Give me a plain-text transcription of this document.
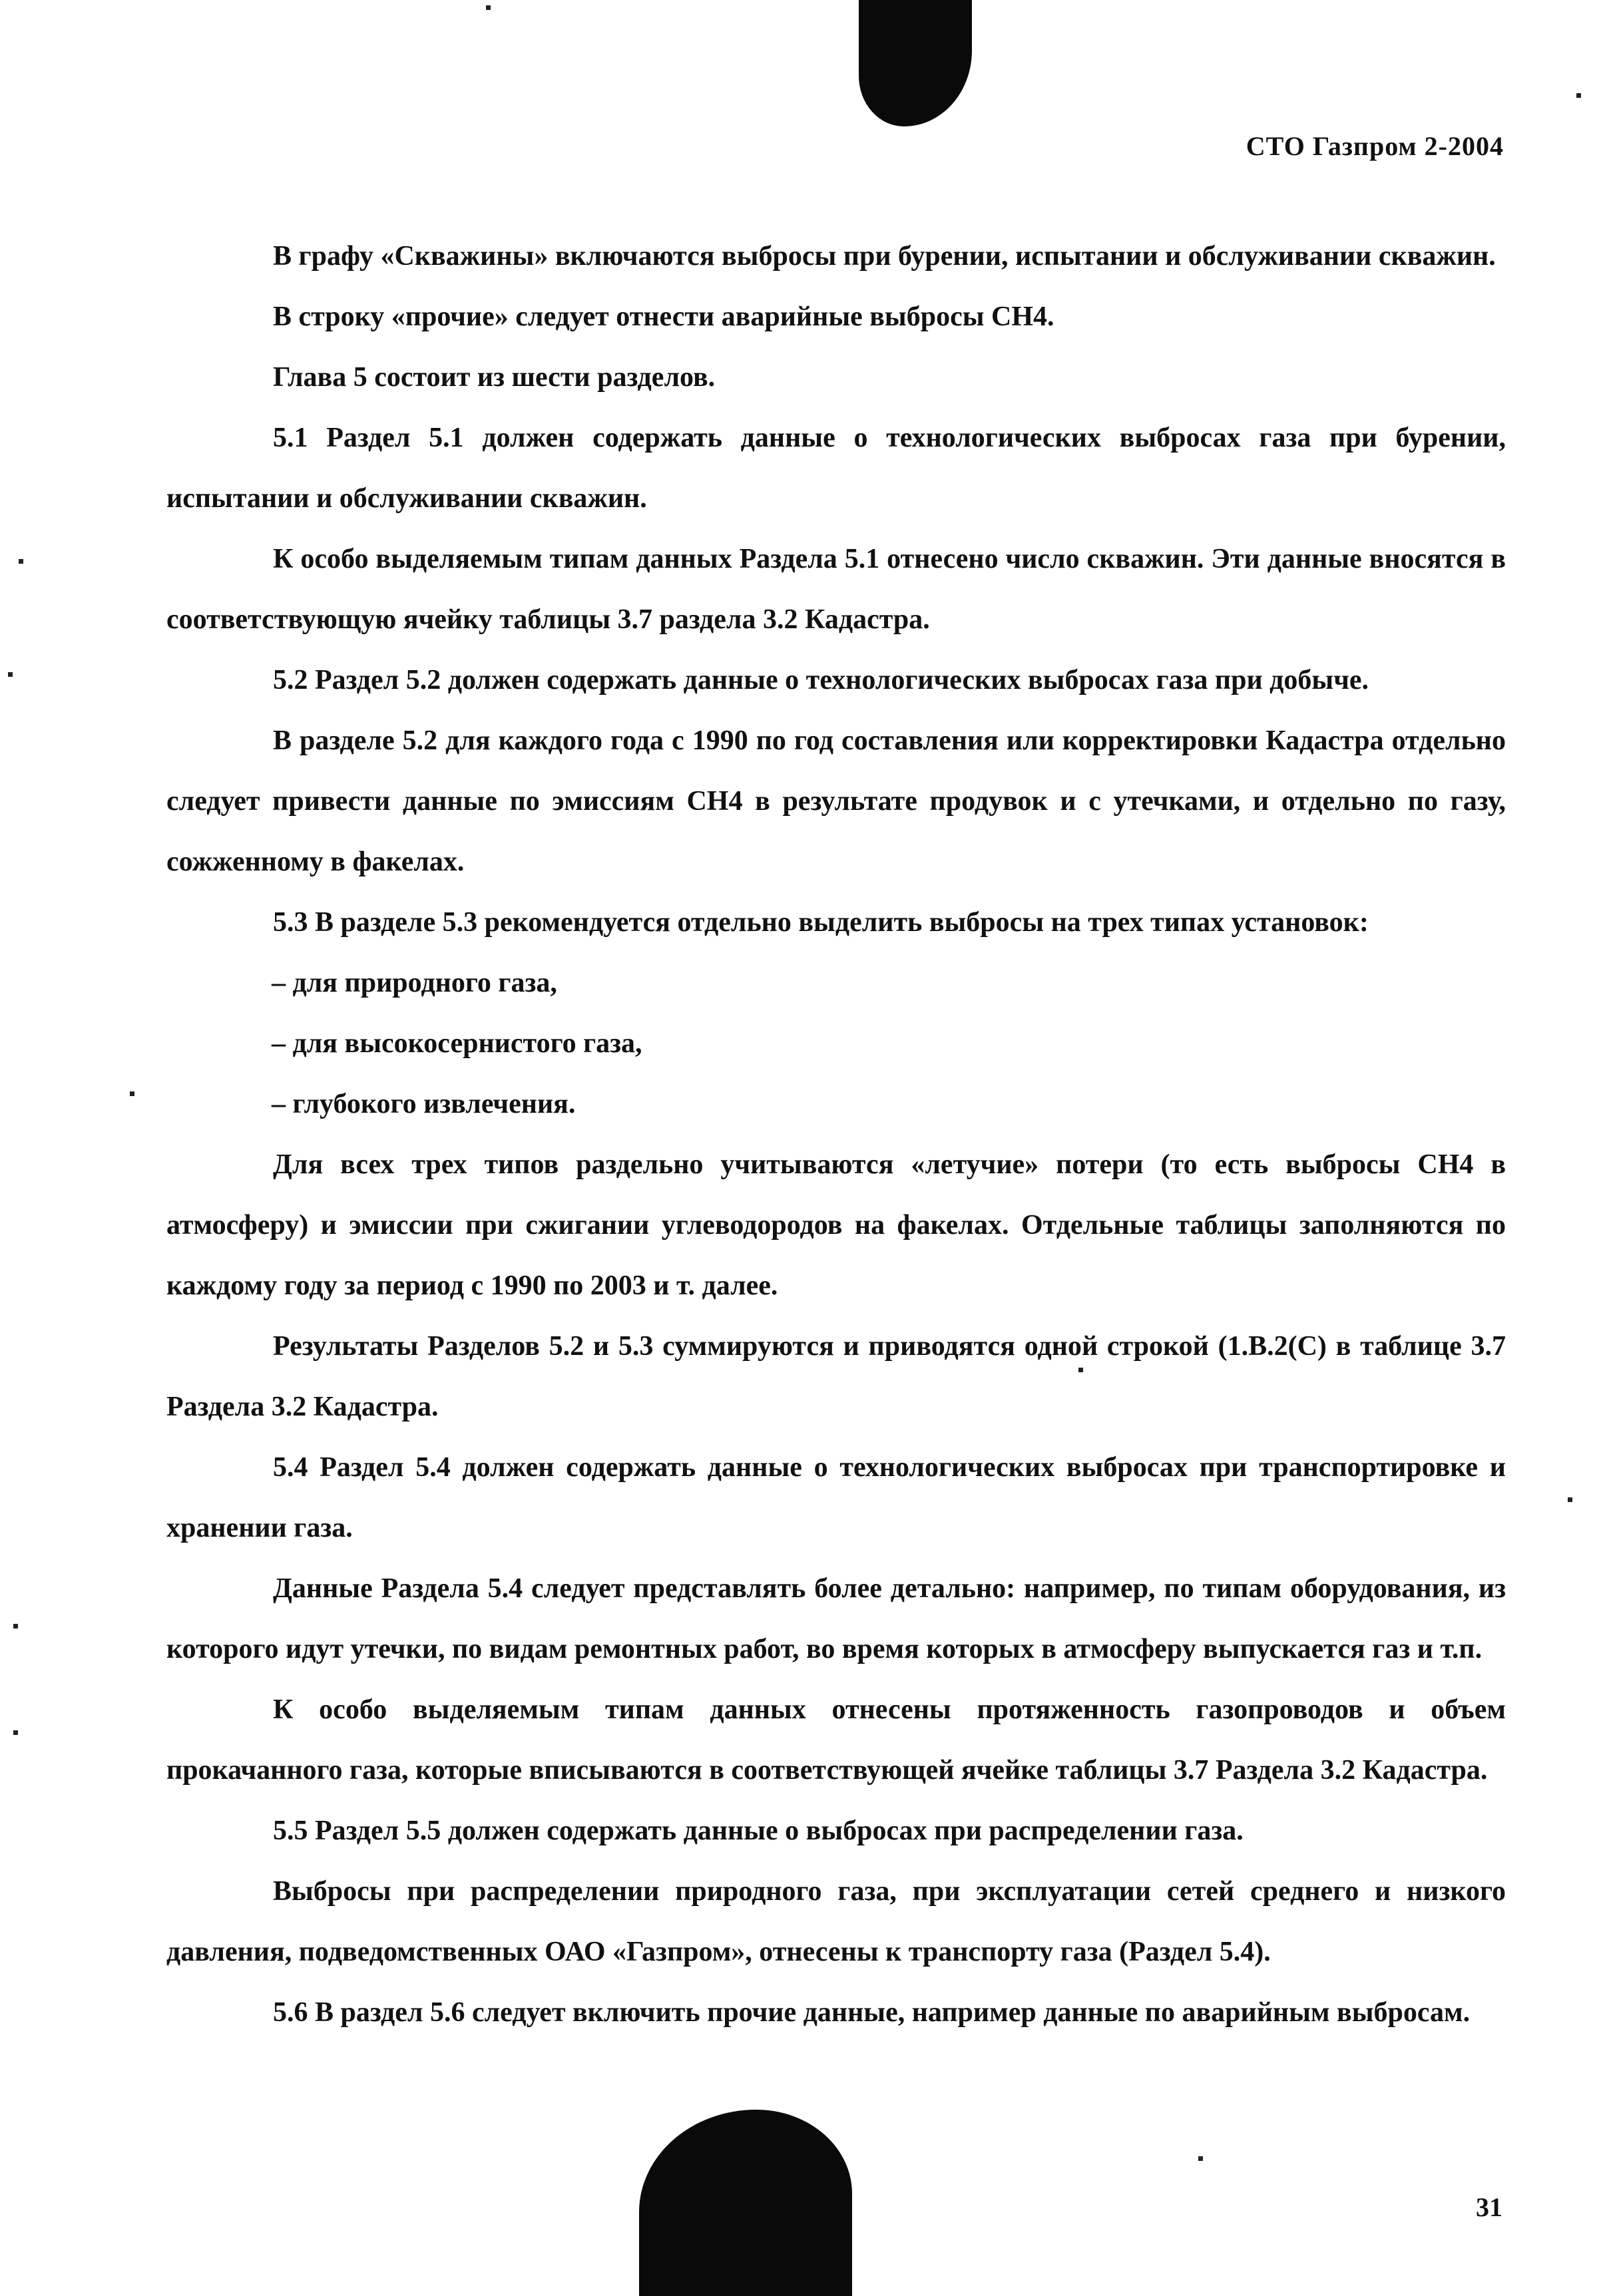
СТО Газпром 2-2004

В графу «Скважины» включаются выбросы при бурении, испытании и обслуживании скважин.

В строку «прочие» следует отнести аварийные выбросы CH4.

Глава 5 состоит из шести разделов.

5.1 Раздел 5.1 должен содержать данные о технологических выбросах газа при бурении, испытании и обслуживании скважин.

К особо выделяемым типам данных Раздела 5.1 отнесено число скважин. Эти данные вносятся в соответствующую ячейку таблицы 3.7 раздела 3.2 Кадастра.

5.2 Раздел 5.2 должен содержать данные о технологических выбросах газа при добыче.

В разделе 5.2 для каждого года с 1990 по год составления или корректировки Кадастра отдельно следует привести данные по эмиссиям CH4 в результате продувок и с утечками, и отдельно по газу, сожженному в факелах.

5.3 В разделе 5.3 рекомендуется отдельно выделить выбросы на трех типах установок:

– для природного газа,

– для высокосернистого газа,

– глубокого извлечения.

Для всех трех типов раздельно учитываются «летучие» потери (то есть выбросы CH4 в атмосферу) и эмиссии при сжигании углеводородов на факелах. Отдельные таблицы заполняются по каждому году за период с 1990 по 2003 и т. далее.

Результаты Разделов 5.2 и 5.3 суммируются и приводятся одной строкой (1.B.2(C) в таблице 3.7 Раздела 3.2 Кадастра.

5.4 Раздел 5.4 должен содержать данные о технологических выбросах при транспортировке и хранении газа.

Данные Раздела 5.4 следует представлять более детально: например, по типам оборудования, из которого идут утечки, по видам ремонтных работ, во время которых в атмосферу выпускается газ и т.п.

К особо выделяемым типам данных отнесены протяженность газопроводов и объем прокачанного газа, которые вписываются в соответствующей ячейке таблицы 3.7 Раздела 3.2 Кадастра.

5.5 Раздел 5.5 должен содержать данные о выбросах при распределении газа.

Выбросы при распределении природного газа, при эксплуатации сетей среднего и низкого давления, подведомственных ОАО «Газпром», отнесены к транспорту газа (Раздел 5.4).

5.6 В раздел 5.6 следует включить прочие данные, например данные по аварийным выбросам.

31
